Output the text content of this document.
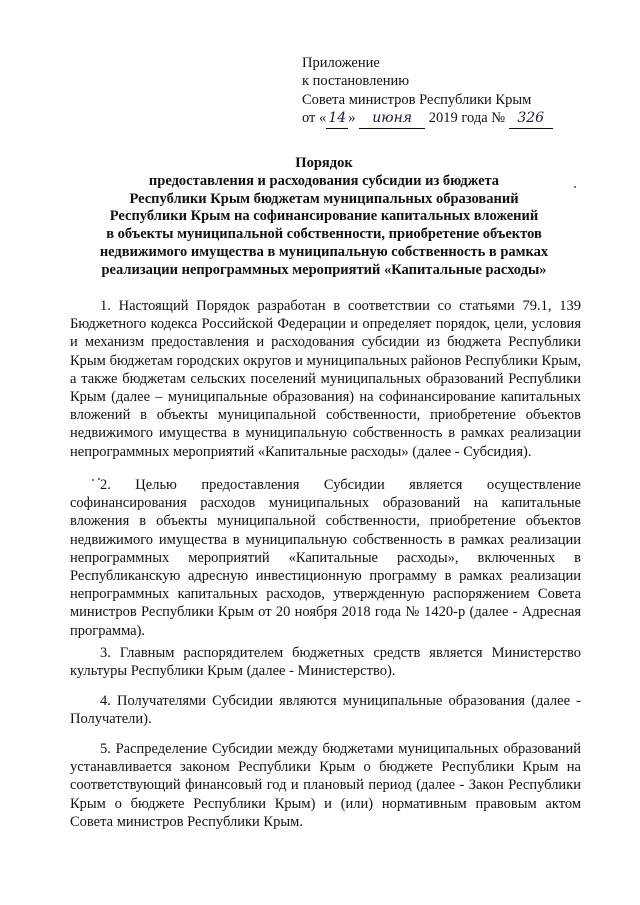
Приложение
к постановлению
Совета министров Республики Крым
от « 14 » июня 2019 года № 326
Порядок
предоставления и расходования субсидии из бюджета
Республики Крым бюджетам муниципальных образований
Республики Крым на софинансирование капитальных вложений
в объекты муниципальной собственности, приобретение объектов
недвижимого имущества в муниципальную собственность в рамках
реализации непрограммных мероприятий «Капитальные расходы»
1. Настоящий Порядок разработан в соответствии со статьями 79.1, 139 Бюджетного кодекса Российской Федерации и определяет порядок, цели, условия и механизм предоставления и расходования субсидии из бюджета Республики Крым бюджетам городских округов и муниципальных районов Республики Крым, а также бюджетам сельских поселений муниципальных образований Республики Крым (далее – муниципальные образования) на софинансирование капитальных вложений в объекты муниципальной собственности, приобретение объектов недвижимого имущества в муниципальную собственность в рамках реализации непрограммных мероприятий «Капитальные расходы» (далее - Субсидия).
2. Целью предоставления Субсидии является осуществление софинансирования расходов муниципальных образований на капитальные вложения в объекты муниципальной собственности, приобретение объектов недвижимого имущества в муниципальную собственность в рамках реализации непрограммных мероприятий «Капитальные расходы», включенных в Республиканскую адресную инвестиционную программу в рамках реализации непрограммных капитальных расходов, утвержденную распоряжением Совета министров Республики Крым от 20 ноября 2018 года № 1420-р (далее - Адресная программа).
3. Главным распорядителем бюджетных средств является Министерство культуры Республики Крым (далее - Министерство).
4. Получателями Субсидии являются муниципальные образования (далее - Получатели).
5. Распределение Субсидии между бюджетами муниципальных образований устанавливается законом Республики Крым о бюджете Республики Крым на соответствующий финансовый год и плановый период (далее - Закон Республики Крым о бюджете Республики Крым) и (или) нормативным правовым актом Совета министров Республики Крым.
